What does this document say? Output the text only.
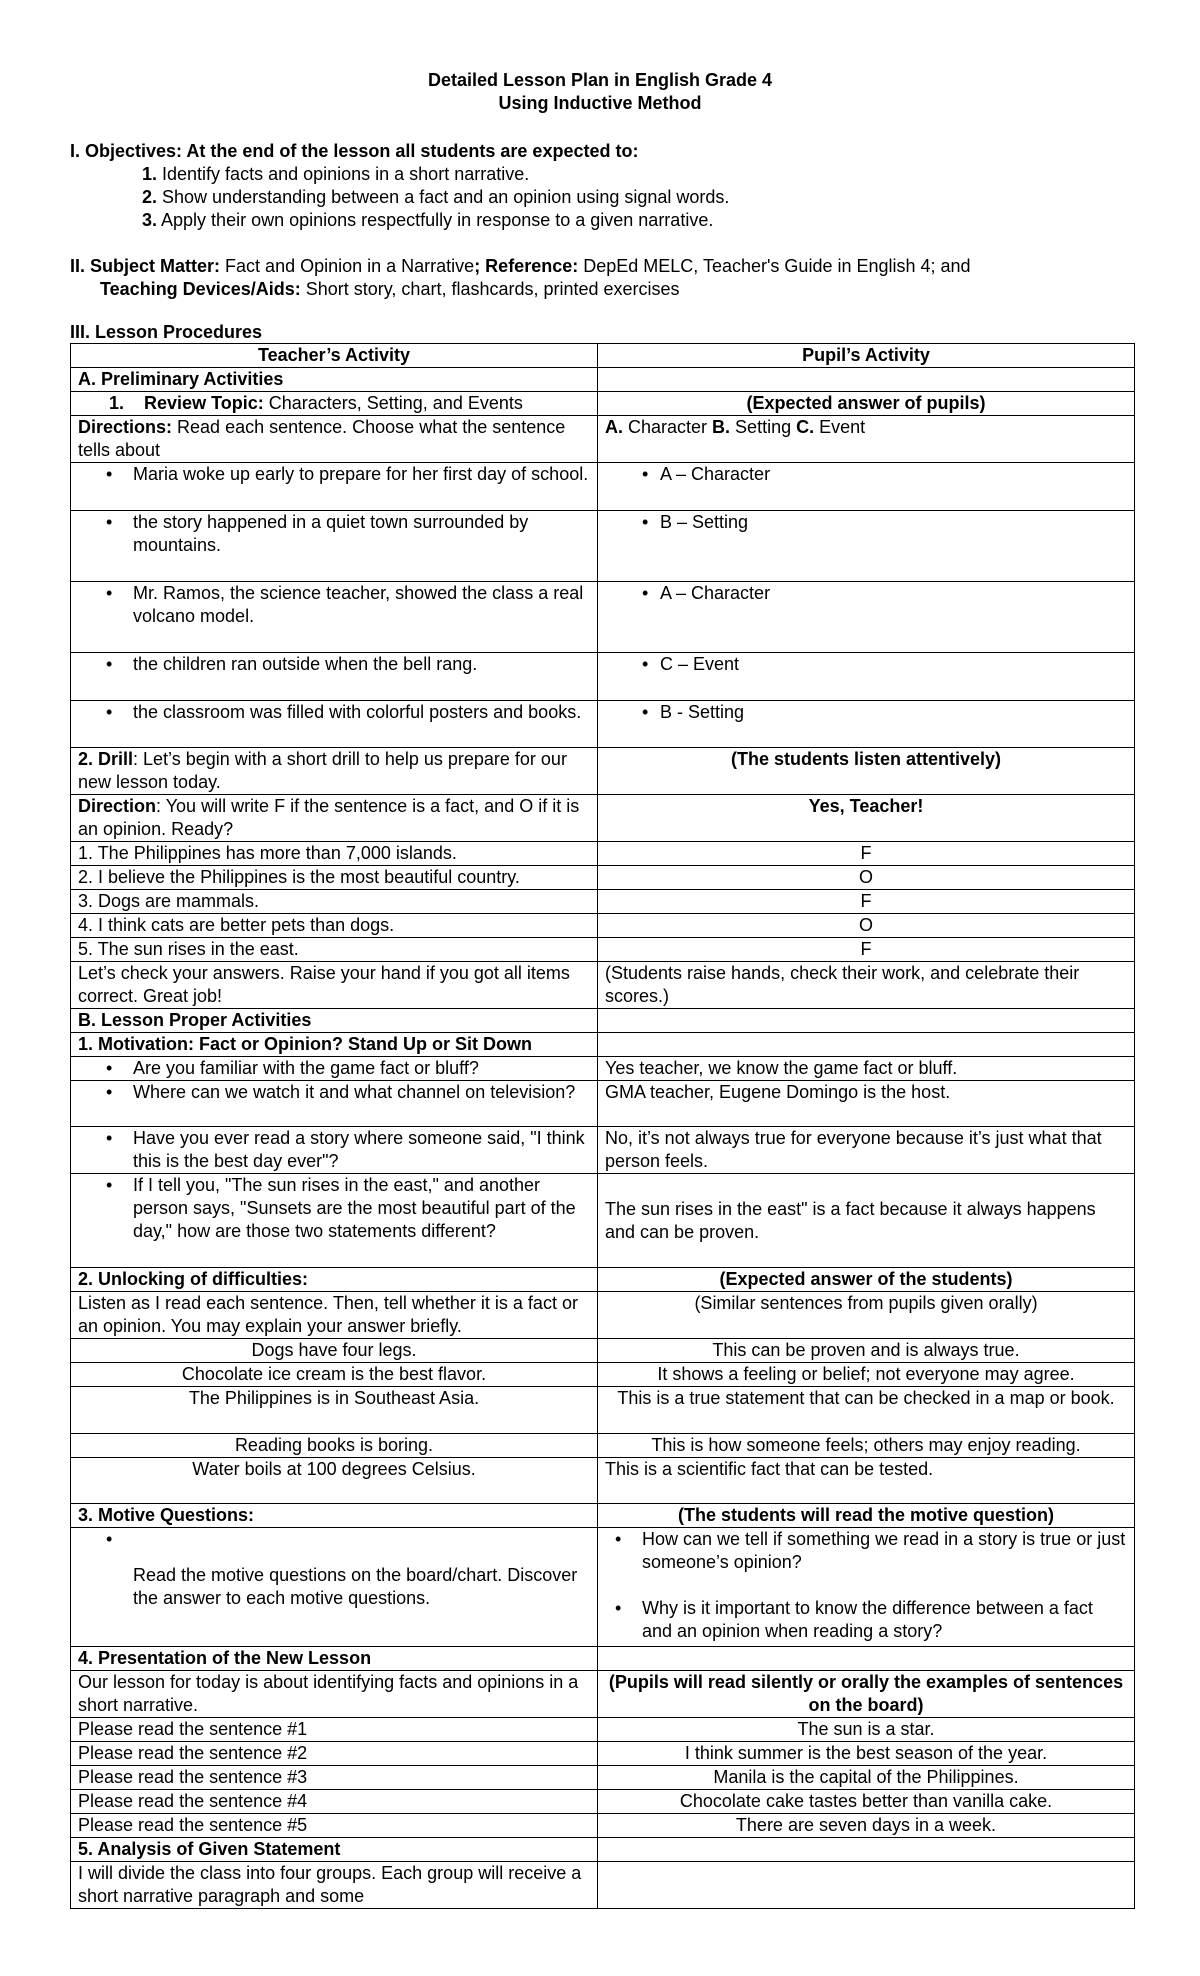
Detailed Lesson Plan in English Grade 4
Using Inductive Method
I. Objectives: At the end of the lesson all students are expected to:
1. Identify facts and opinions in a short narrative.
2. Show understanding between a fact and an opinion using signal words.
3. Apply their own opinions respectfully in response to a given narrative.
II. Subject Matter: Fact and Opinion in a Narrative; Reference: DepEd MELC, Teacher's Guide in English 4; and
Teaching Devices/Aids: Short story, chart, flashcards, printed exercises
III. Lesson Procedures
Teacher’s Activity	Pupil’s Activity
A. Preliminary Activities	
1. Review Topic: Characters, Setting, and Events	(Expected answer of pupils)
Directions: Read each sentence. Choose what the sentence tells about	A. Character B. Setting C. Event
• Maria woke up early to prepare for her first day of school.	• A – Character
• the story happened in a quiet town surrounded by mountains.	• B – Setting
• Mr. Ramos, the science teacher, showed the class a real volcano model.	• A – Character
• the children ran outside when the bell rang.	• C – Event
• the classroom was filled with colorful posters and books.	• B - Setting
2. Drill: Let’s begin with a short drill to help us prepare for our new lesson today.	(The students listen attentively)
Direction: You will write F if the sentence is a fact, and O if it is an opinion. Ready?	Yes, Teacher!
1. The Philippines has more than 7,000 islands.	F
2. I believe the Philippines is the most beautiful country.	O
3. Dogs are mammals.	F
4. I think cats are better pets than dogs.	O
5. The sun rises in the east.	F
Let’s check your answers. Raise your hand if you got all items correct. Great job!	(Students raise hands, check their work, and celebrate their scores.)
B. Lesson Proper Activities	
1. Motivation: Fact or Opinion? Stand Up or Sit Down	
• Are you familiar with the game fact or bluff?	Yes teacher, we know the game fact or bluff.
• Where can we watch it and what channel on television?	GMA teacher, Eugene Domingo is the host.
• Have you ever read a story where someone said, "I think this is the best day ever"?	No, it’s not always true for everyone because it’s just what that person feels.
• If I tell you, "The sun rises in the east," and another person says, "Sunsets are the most beautiful part of the day," how are those two statements different?	The sun rises in the east" is a fact because it always happens and can be proven.
2. Unlocking of difficulties:	(Expected answer of the students)
Listen as I read each sentence. Then, tell whether it is a fact or an opinion. You may explain your answer briefly.	(Similar sentences from pupils given orally)
Dogs have four legs.	This can be proven and is always true.
Chocolate ice cream is the best flavor.	It shows a feeling or belief; not everyone may agree.
The Philippines is in Southeast Asia.	This is a true statement that can be checked in a map or book.
Reading books is boring.	This is how someone feels; others may enjoy reading.
Water boils at 100 degrees Celsius.	This is a scientific fact that can be tested.
3. Motive Questions:	(The students will read the motive question)
• Read the motive questions on the board/chart. Discover the answer to each motive questions.	• How can we tell if something we read in a story is true or just someone’s opinion?
• Why is it important to know the difference between a fact and an opinion when reading a story?

4. Presentation of the New Lesson	
Our lesson for today is about identifying facts and opinions in a short narrative.	(Pupils will read silently or orally the examples of sentences on the board)
Please read the sentence #1	The sun is a star.
Please read the sentence #2	I think summer is the best season of the year.
Please read the sentence #3	Manila is the capital of the Philippines.
Please read the sentence #4	Chocolate cake tastes better than vanilla cake.
Please read the sentence #5	There are seven days in a week.
5. Analysis of Given Statement	
I will divide the class into four groups. Each group will receive a short narrative paragraph and some	
